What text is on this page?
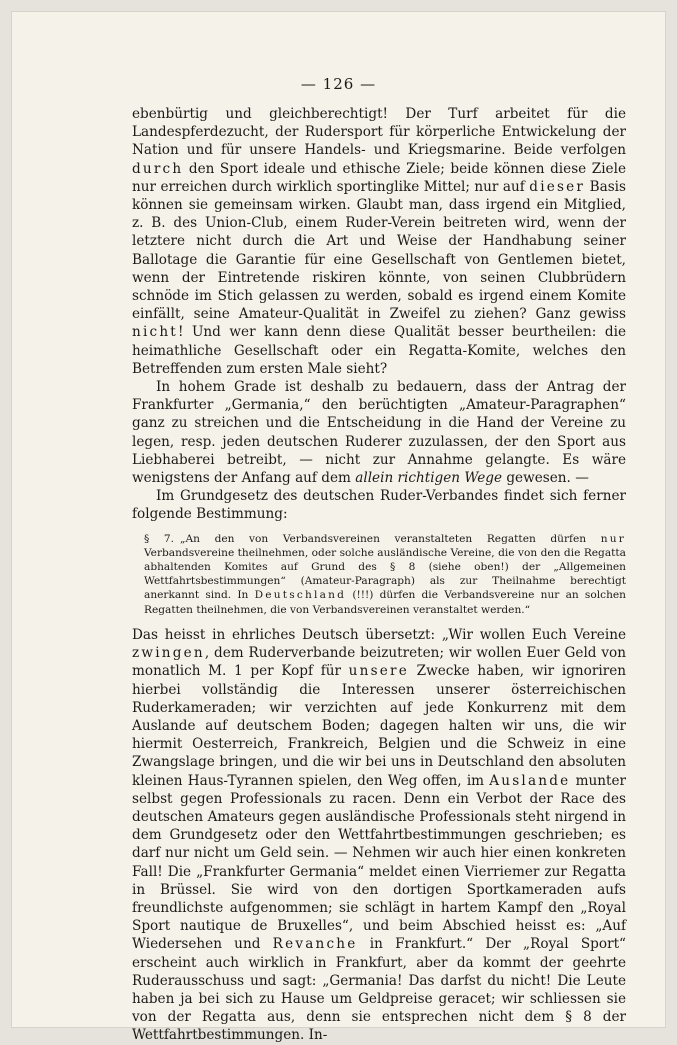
— 126 —

ebenbürtig und gleichberechtigt! Der Turf arbeitet für die Landespferdezucht, der Rudersport für körperliche Entwickelung der Nation und für unsere Handels- und Kriegsmarine. Beide verfolgen durch den Sport ideale und ethische Ziele; beide können diese Ziele nur erreichen durch wirklich sportinglike Mittel; nur auf dieser Basis können sie gemeinsam wirken. Glaubt man, dass irgend ein Mitglied, z. B. des Union-Club, einem Ruder-Verein beitreten wird, wenn der letztere nicht durch die Art und Weise der Handhabung seiner Ballotage die Garantie für eine Gesellschaft von Gentlemen bietet, wenn der Eintretende riskiren könnte, von seinen Clubbrüdern schnöde im Stich gelassen zu werden, sobald es irgend einem Komite einfällt, seine Amateur-Qualität in Zweifel zu ziehen? Ganz gewiss nicht! Und wer kann denn diese Qualität besser beurtheilen: die heimathliche Gesellschaft oder ein Regatta-Komite, welches den Betreffenden zum ersten Male sieht?

In hohem Grade ist deshalb zu bedauern, dass der Antrag der Frankfurter „Germania,“ den berüchtigten „Amateur-Paragraphen“ ganz zu streichen und die Entscheidung in die Hand der Vereine zu legen, resp. jeden deutschen Ruderer zuzulassen, der den Sport aus Liebhaberei betreibt, — nicht zur Annahme gelangte. Es wäre wenigstens der Anfang auf dem allein richtigen Wege gewesen. —

Im Grundgesetz des deutschen Ruder-Verbandes findet sich ferner folgende Bestimmung:

§ 7. „An den von Verbandsvereinen veranstalteten Regatten dürfen nur Verbandsvereine theilnehmen, oder solche ausländische Vereine, die von den die Regatta abhaltenden Komites auf Grund des § 8 (siehe oben!) der „Allgemeinen Wettfahrtsbestimmungen“ (Amateur-Paragraph) als zur Theilnahme berechtigt anerkannt sind. In Deutschland (!!!) dürfen die Verbandsvereine nur an solchen Regatten theilnehmen, die von Verbandsvereinen veranstaltet werden.“

Das heisst in ehrliches Deutsch übersetzt: „Wir wollen Euch Vereine zwingen, dem Ruderverbande beizutreten; wir wollen Euer Geld von monatlich M. 1 per Kopf für unsere Zwecke haben, wir ignoriren hierbei vollständig die Interessen unserer österreichischen Ruderkameraden; wir verzichten auf jede Konkurrenz mit dem Auslande auf deutschem Boden; dagegen halten wir uns, die wir hiermit Oesterreich, Frankreich, Belgien und die Schweiz in eine Zwangslage bringen, und die wir bei uns in Deutschland den absoluten kleinen Haus-Tyrannen spielen, den Weg offen, im Auslande munter selbst gegen Professionals zu racen. Denn ein Verbot der Race des deutschen Amateurs gegen ausländische Professionals steht nirgend in dem Grundgesetz oder den Wettfahrtbestimmungen geschrieben; es darf nur nicht um Geld sein. — Nehmen wir auch hier einen konkreten Fall! Die „Frankfurter Germania“ meldet einen Vierriemer zur Regatta in Brüssel. Sie wird von den dortigen Sportkameraden aufs freundlichste aufgenommen; sie schlägt in hartem Kampf den „Royal Sport nautique de Bruxelles“, und beim Abschied heisst es: „Auf Wiedersehen und Revanche in Frankfurt.“ Der „Royal Sport“ erscheint auch wirklich in Frankfurt, aber da kommt der geehrte Ruderausschuss und sagt: „Germania! Das darfst du nicht! Die Leute haben ja bei sich zu Hause um Geldpreise geracet; wir schliessen sie von der Regatta aus, denn sie entsprechen nicht dem § 8 der Wettfahrtbestimmungen. In-
